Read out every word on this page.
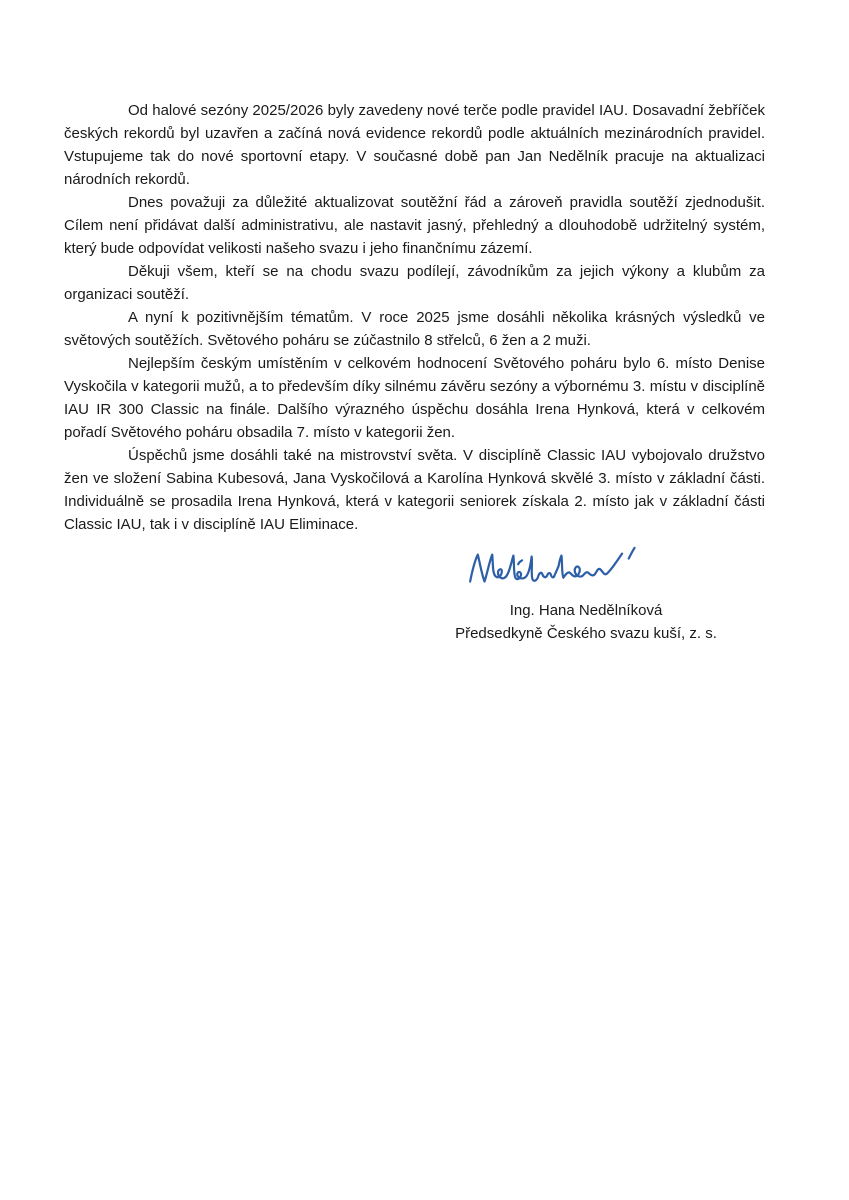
Od halové sezóny 2025/2026 byly zavedeny nové terče podle pravidel IAU. Dosavadní žebříček českých rekordů byl uzavřen a začíná nová evidence rekordů podle aktuálních mezinárodních pravidel. Vstupujeme tak do nové sportovní etapy. V současné době pan Jan Nedělník pracuje na aktualizaci národních rekordů.

Dnes považuji za důležité aktualizovat soutěžní řád a zároveň pravidla soutěží zjednodušit. Cílem není přidávat další administrativu, ale nastavit jasný, přehledný a dlouhodobě udržitelný systém, který bude odpovídat velikosti našeho svazu i jeho finančnímu zázemí.

Děkuji všem, kteří se na chodu svazu podílejí, závodníkům za jejich výkony a klubům za organizaci soutěží.

A nyní k pozitivnějším tématům. V roce 2025 jsme dosáhli několika krásných výsledků ve světových soutěžích. Světového poháru se zúčastnilo 8 střelců, 6 žen a 2 muži.

Nejlepším českým umístěním v celkovém hodnocení Světového poháru bylo 6. místo Denise Vyskočila v kategorii mužů, a to především díky silnému závěru sezóny a výbornému 3. místu v disciplíně IAU IR 300 Classic na finále. Dalšího výrazného úspěchu dosáhla Irena Hynková, která v celkovém pořadí Světového poháru obsadila 7. místo v kategorii žen.

Úspěchů jsme dosáhli také na mistrovství světa. V disciplíně Classic IAU vybojovalo družstvo žen ve složení Sabina Kubesová, Jana Vyskočilová a Karolína Hynková skvělé 3. místo v základní části. Individuálně se prosadila Irena Hynková, která v kategorii seniorek získala 2. místo jak v základní části Classic IAU, tak i v disciplíně IAU Eliminace.

Ing. Hana Nedělníková
Předsedkyně Českého svazu kuší, z. s.
